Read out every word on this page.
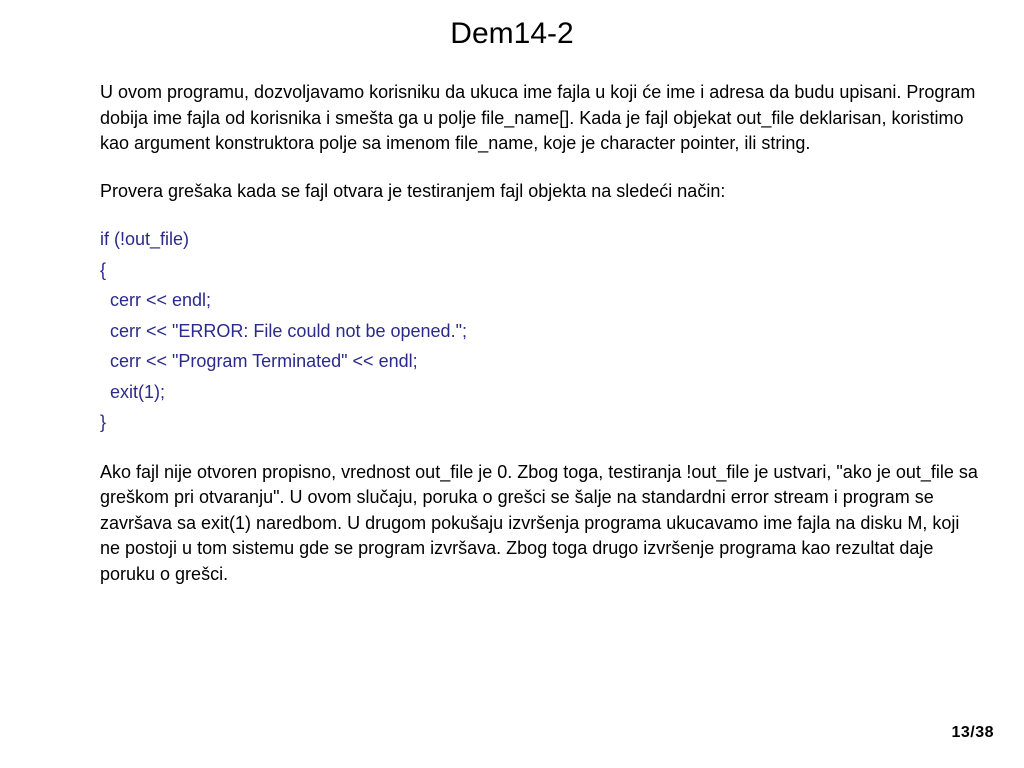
Dem14-2

U ovom programu, dozvoljavamo korisniku da ukuca ime fajla u koji će ime i adresa da budu upisani. Program dobija ime fajla od korisnika i smešta ga u polje file_name[]. Kada je fajl objekat out_file deklarisan, koristimo kao argument konstruktora polje sa imenom file_name, koje je character pointer, ili string.

Provera grešaka kada se fajl otvara je testiranjem fajl objekta na sledeći način:

if (!out_file)
{
cerr << endl;
cerr << "ERROR: File could not be opened.";
cerr << "Program Terminated" << endl;
exit(1);
}

Ako fajl nije otvoren propisno, vrednost out_file je 0. Zbog toga, testiranja !out_file je ustvari, "ako je out_file sa greškom pri otvaranju". U ovom slučaju, poruka o grešci se šalje na standardni error stream i program se završava sa exit(1) naredbom. U drugom pokušaju izvršenja programa ukucavamo ime fajla na disku M, koji ne postoji u tom sistemu gde se program izvršava. Zbog toga drugo izvršenje programa kao rezultat daje poruku o grešci.

13/38
